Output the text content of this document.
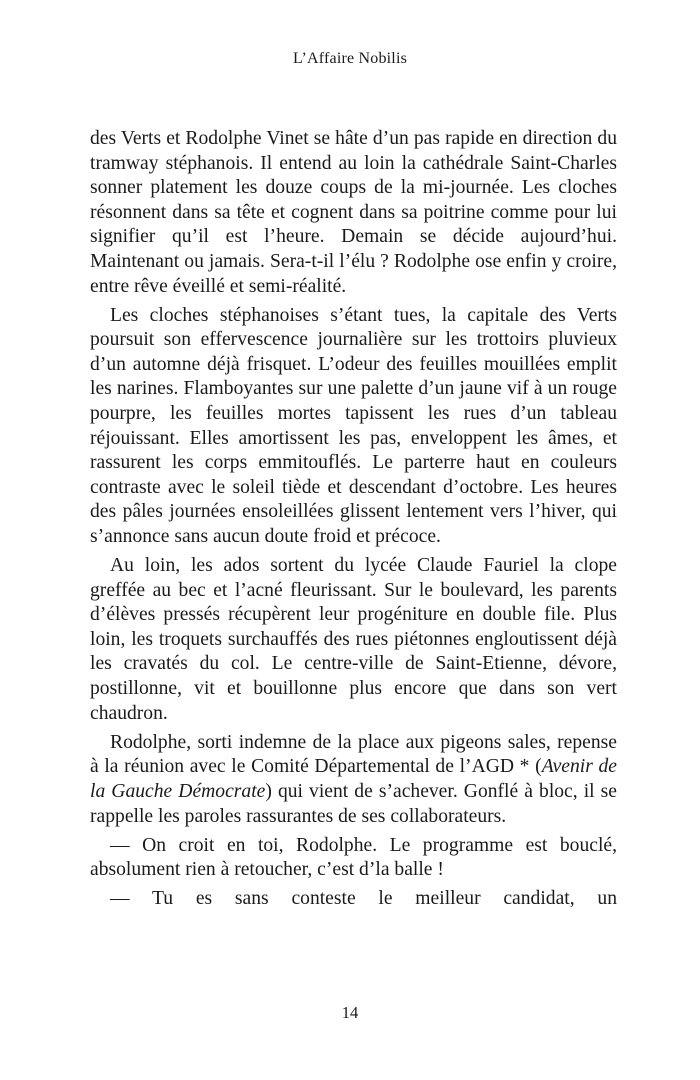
L’Affaire Nobilis

des Verts et Rodolphe Vinet se hâte d’un pas rapide en direction du tramway stéphanois. Il entend au loin la cathédrale Saint-Charles sonner platement les douze coups de la mi-journée. Les cloches résonnent dans sa tête et cognent dans sa poitrine comme pour lui signifier qu’il est l’heure. Demain se décide aujourd’hui. Maintenant ou jamais. Sera-t-il l’élu ? Rodolphe ose enfin y croire, entre rêve éveillé et semi-réalité.

Les cloches stéphanoises s’étant tues, la capitale des Verts poursuit son effervescence journalière sur les trottoirs pluvieux d’un automne déjà frisquet. L’odeur des feuilles mouillées emplit les narines. Flamboyantes sur une palette d’un jaune vif à un rouge pourpre, les feuilles mortes tapissent les rues d’un tableau réjouissant. Elles amortissent les pas, enveloppent les âmes, et rassurent les corps emmitouflés. Le parterre haut en couleurs contraste avec le soleil tiède et descendant d’octobre. Les heures des pâles journées ensoleillées glissent lentement vers l’hiver, qui s’annonce sans aucun doute froid et précoce.

Au loin, les ados sortent du lycée Claude Fauriel la clope greffée au bec et l’acné fleurissant. Sur le boulevard, les parents d’élèves pressés récupèrent leur progéniture en double file. Plus loin, les troquets surchauffés des rues piétonnes engloutissent déjà les cravatés du col. Le centre-ville de Saint-Etienne, dévore, postillonne, vit et bouillonne plus encore que dans son vert chaudron.

Rodolphe, sorti indemne de la place aux pigeons sales, repense à la réunion avec le Comité Départemental de l’AGD * (Avenir de la Gauche Démocrate) qui vient de s’achever. Gonflé à bloc, il se rappelle les paroles rassurantes de ses collaborateurs.

— On croit en toi, Rodolphe. Le programme est bouclé, absolument rien à retoucher, c’est d’la balle !

— Tu es sans conteste le meilleur candidat, un

14
